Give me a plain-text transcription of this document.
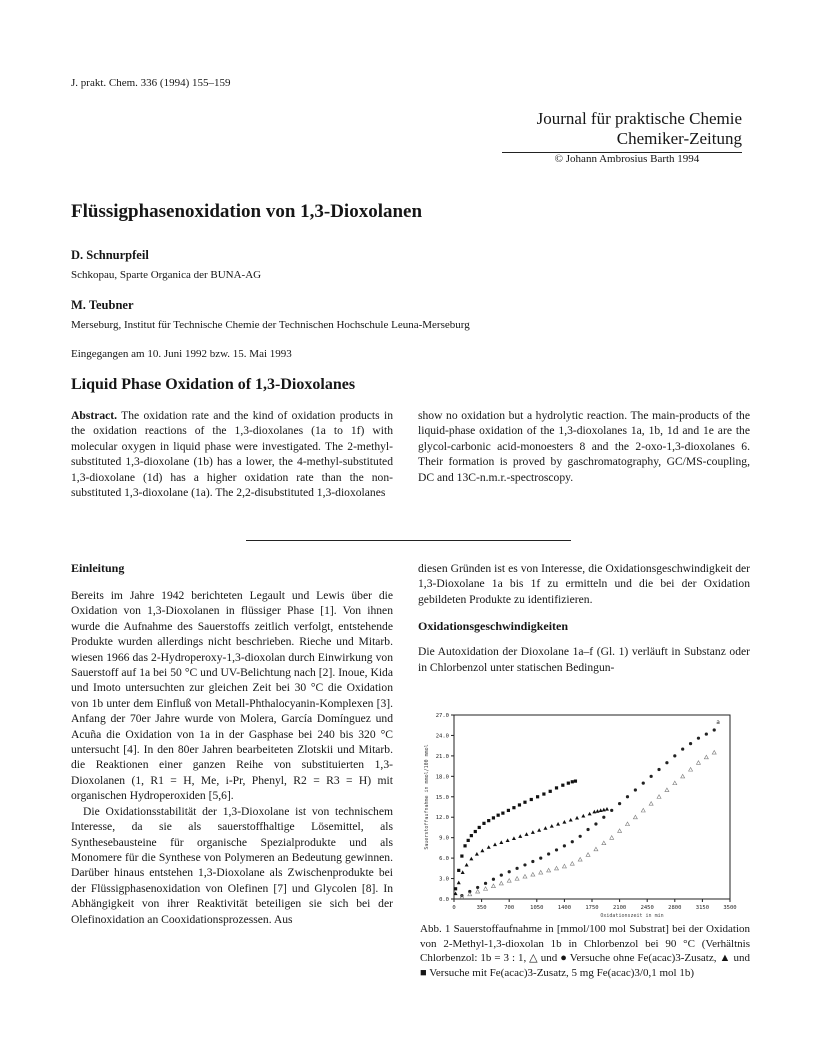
J. prakt. Chem. 336 (1994) 155–159
Journal für praktische Chemie
Chemiker-Zeitung
© Johann Ambrosius Barth 1994
Flüssigphasenoxidation von 1,3-Dioxolanen
D. Schnurpfeil
Schkopau, Sparte Organica der BUNA-AG
M. Teubner
Merseburg, Institut für Technische Chemie der Technischen Hochschule Leuna-Merseburg
Eingegangen am 10. Juni 1992 bzw. 15. Mai 1993
Liquid Phase Oxidation of 1,3-Dioxolanes
Abstract. The oxidation rate and the kind of oxidation products in the oxidation reactions of the 1,3-dioxolanes (1a to 1f) with molecular oxygen in liquid phase were investigated. The 2-methyl-substituted 1,3-dioxolane (1b) has a lower, the 4-methyl-substituted 1,3-dioxolane (1d) has a higher oxidation rate than the non-substituted 1,3-dioxolane (1a). The 2,2-disubstituted 1,3-dioxolanes
show no oxidation but a hydrolytic reaction. The main-products of the liquid-phase oxidation of the 1,3-dioxolanes 1a, 1b, 1d and 1e are the glycol-carbonic acid-monoesters 8 and the 2-oxo-1,3-dioxolanes 6. Their formation is proved by gaschromatography, GC/MS-coupling, DC and 13C-n.m.r.-spectroscopy.
Einleitung
Bereits im Jahre 1942 berichteten Legault und Lewis über die Oxidation von 1,3-Dioxolanen in flüssiger Phase [1]. Von ihnen wurde die Aufnahme des Sauerstoffs zeitlich verfolgt, entstehende Produkte wurden allerdings nicht beschrieben. Rieche und Mitarb. wiesen 1966 das 2-Hydroperoxy-1,3-dioxolan durch Einwirkung von Sauerstoff auf 1a bei 50 °C und UV-Belichtung nach [2]. Inoue, Kida und Imoto untersuchten zur gleichen Zeit bei 30 °C die Oxidation von 1b unter dem Einfluß von Metall-Phthalocyanin-Komplexen [3]. Anfang der 70er Jahre wurde von Molera, García Domínguez und Acuña die Oxidation von 1a in der Gasphase bei 240 bis 320 °C untersucht [4]. In den 80er Jahren bearbeiteten Zlotskii und Mitarb. die Reaktionen einer ganzen Reihe von substituierten 1,3-Dioxolanen (1, R1 = H, Me, i-Pr, Phenyl, R2 = R3 = H) mit organischen Hydroperoxiden [5,6].
Die Oxidationsstabilität der 1,3-Dioxolane ist von technischem Interesse, da sie als sauerstoffhaltige Lösemittel, als Synthesebausteine für organische Spezialprodukte und als Monomere für die Synthese von Polymeren an Bedeutung gewinnen. Darüber hinaus entstehen 1,3-Dioxolane als Zwischenprodukte bei der Flüssigphasenoxidation von Olefinen [7] und Glycolen [8]. In Abhängigkeit von ihrer Reaktivität beteiligen sie sich bei der Olefinoxidation an Cooxidationsprozessen. Aus
diesen Gründen ist es von Interesse, die Oxidationsgeschwindigkeit der 1,3-Dioxolane 1a bis 1f zu ermitteln und die bei der Oxidation gebildeten Produkte zu identifizieren.
Oxidationsgeschwindigkeiten
Die Autoxidation der Dioxolane 1a–f (Gl. 1) verläuft in Substanz oder in Chlorbenzol unter statischen Bedingun-
0	350	700	1050	1400	1750	2100	2450	2800	3150	3500
0.0
3.0
6.0
9.0
12.0
15.0
18.0
21.0
24.0
27.0
Oxidationszeit in min
Sauerstoffaufnahme in mmol/100 mmol
a
Abb. 1 Sauerstoffaufnahme in [mmol/100 mol Substrat] bei der Oxidation von 2-Methyl-1,3-dioxolan 1b in Chlorbenzol bei 90 °C (Verhältnis Chlorbenzol: 1b = 3 : 1, △ und ● Versuche ohne Fe(acac)3-Zusatz, ▲ und ■ Versuche mit Fe(acac)3-Zusatz, 5 mg Fe(acac)3/0,1 mol 1b)
